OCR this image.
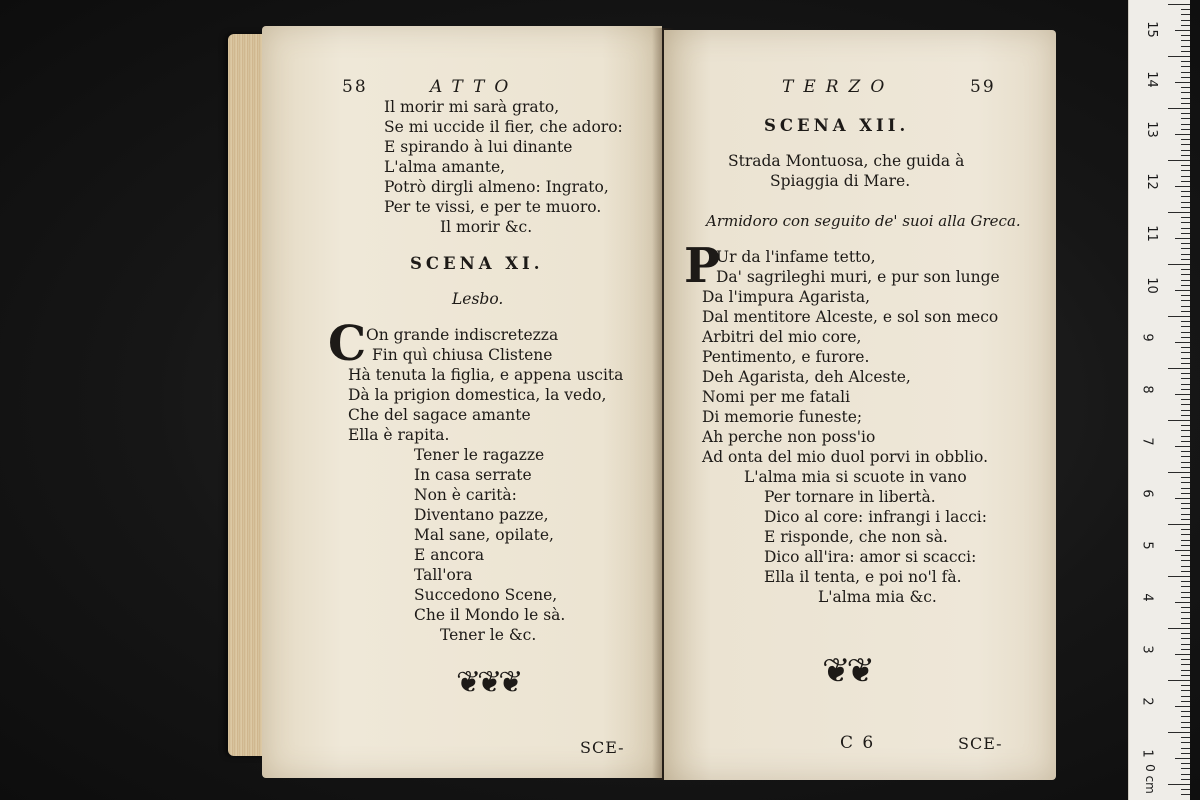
58	ATTO
Il morir mi sarà grato,
Se mi uccide il fier, che adoro:
E spirando à lui dinante
L'alma amante,
Potrò dirgli almeno: Ingrato,
Per te vissi, e per te muoro.
Il morir &c.
SCENA XI.
Lesbo.
C On grande indiscretezza
Fin quì chiusa Clistene
Hà tenuta la figlia, e appena uscita
Dà la prigion domestica, la vedo,
Che del sagace amante
Ella è rapita.
Tener le ragazze
In casa serrate
Non è carità:
Diventano pazze,
Mal sane, opilate,
E ancora
Tall'ora
Succedono Scene,
Che il Mondo le sà.
Tener le &c.
❦❦❦
SCE-
TERZO	59
SCENA XII.
Strada Montuosa, che guida à
Spiaggia di Mare.
Armidoro con seguito de' suoi alla Greca.
P
Ur da l'infame tetto,
Da' sagrileghi muri, e pur son lunge
Da l'impura Agarista,
Dal mentitore Alceste, e sol son meco
Arbitri del mio core,
Pentimento, e furore.
Deh Agarista, deh Alceste,
Nomi per me fatali
Di memorie funeste;
Ah perche non poss'io
Ad onta del mio duol porvi in obblio.
L'alma mia si scuote in vano
Per tornare in libertà.
Dico al core: infrangi i lacci:
E risponde, che non sà.
Dico all'ira: amor si scacci:
Ella il tenta, e poi no'l fà.
L'alma mia &c.
❦❦
C 6	SCE-
15
14
13
12
11
10
9
8
7
6
5
4
3
2
1
0 cm
